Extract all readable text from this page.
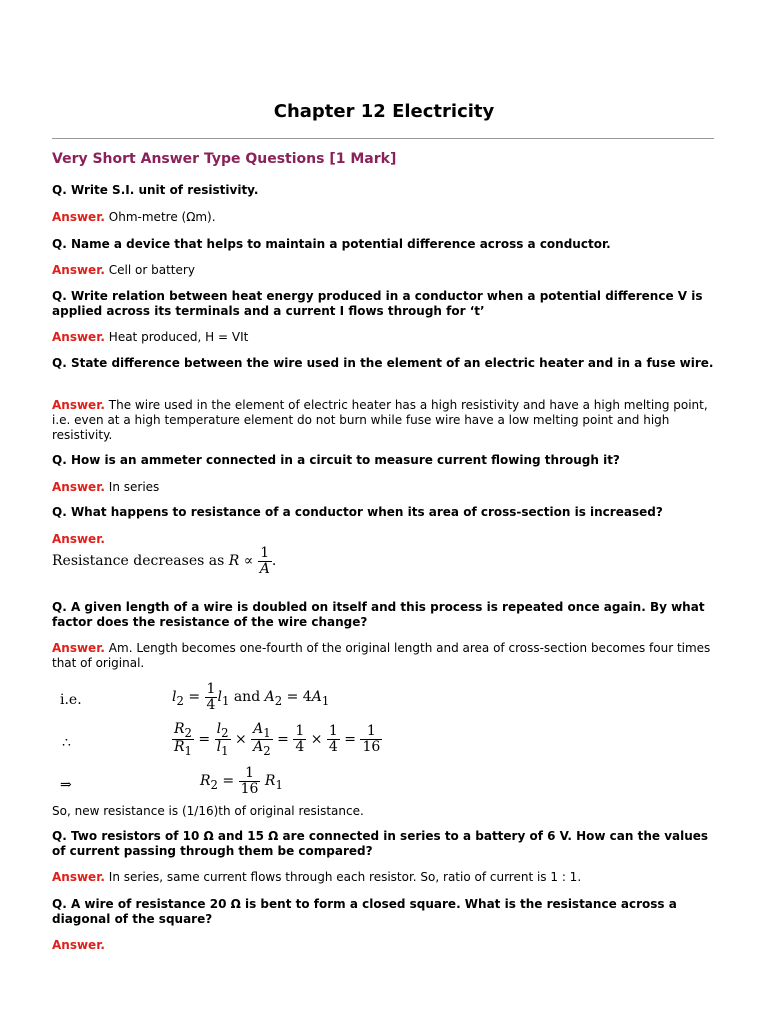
Chapter 12 Electricity
Very Short Answer Type Questions [1 Mark]
Q. Write S.I. unit of resistivity.
Answer. Ohm-metre (Ωm).
Q. Name a device that helps to maintain a potential difference across a conductor.
Answer. Cell or battery
Q. Write relation between heat energy produced in a conductor when a potential difference V is applied across its terminals and a current I flows through for ‘t’
Answer. Heat produced, H = VIt
Q. State difference between the wire used in the element of an electric heater and in a fuse wire.
Answer. The wire used in the element of electric heater has a high resistivity and have a high melting point, i.e. even at a high temperature element do not burn while fuse wire have a low melting point and high resistivity.
Q. How is an ammeter connected in a circuit to measure current flowing through it?
Answer. In series
Q. What happens to resistance of a conductor when its area of cross-section is increased?
Answer.
Resistance decreases as $R \propto \frac{1}{A}$ .
Q. A given length of a wire is doubled on itself and this process is repeated once again. By what factor does the resistance of the wire change?
Answer. Am. Length becomes one-fourth of the original length and area of cross-section becomes four times that of original.
i.e.	$l_2 = \frac{1}{4} l_1$ and $A_2 = 4A_1$
∴	$\frac{R_2}{R_1} = \frac{l_2}{l_1} \times \frac{A_1}{A_2} = \frac{1}{4} \times \frac{1}{4} = \frac{1}{16}$
⇒	$R_2 = \frac{1}{16} R_1$
So, new resistance is (1/16)th of original resistance.
Q. Two resistors of 10 Ω and 15 Ω are connected in series to a battery of 6 V. How can the values of current passing through them be compared?
Answer. In series, same current flows through each resistor. So, ratio of current is 1 : 1.
Q. A wire of resistance 20 Ω is bent to form a closed square. What is the resistance across a diagonal of the square?
Answer.
